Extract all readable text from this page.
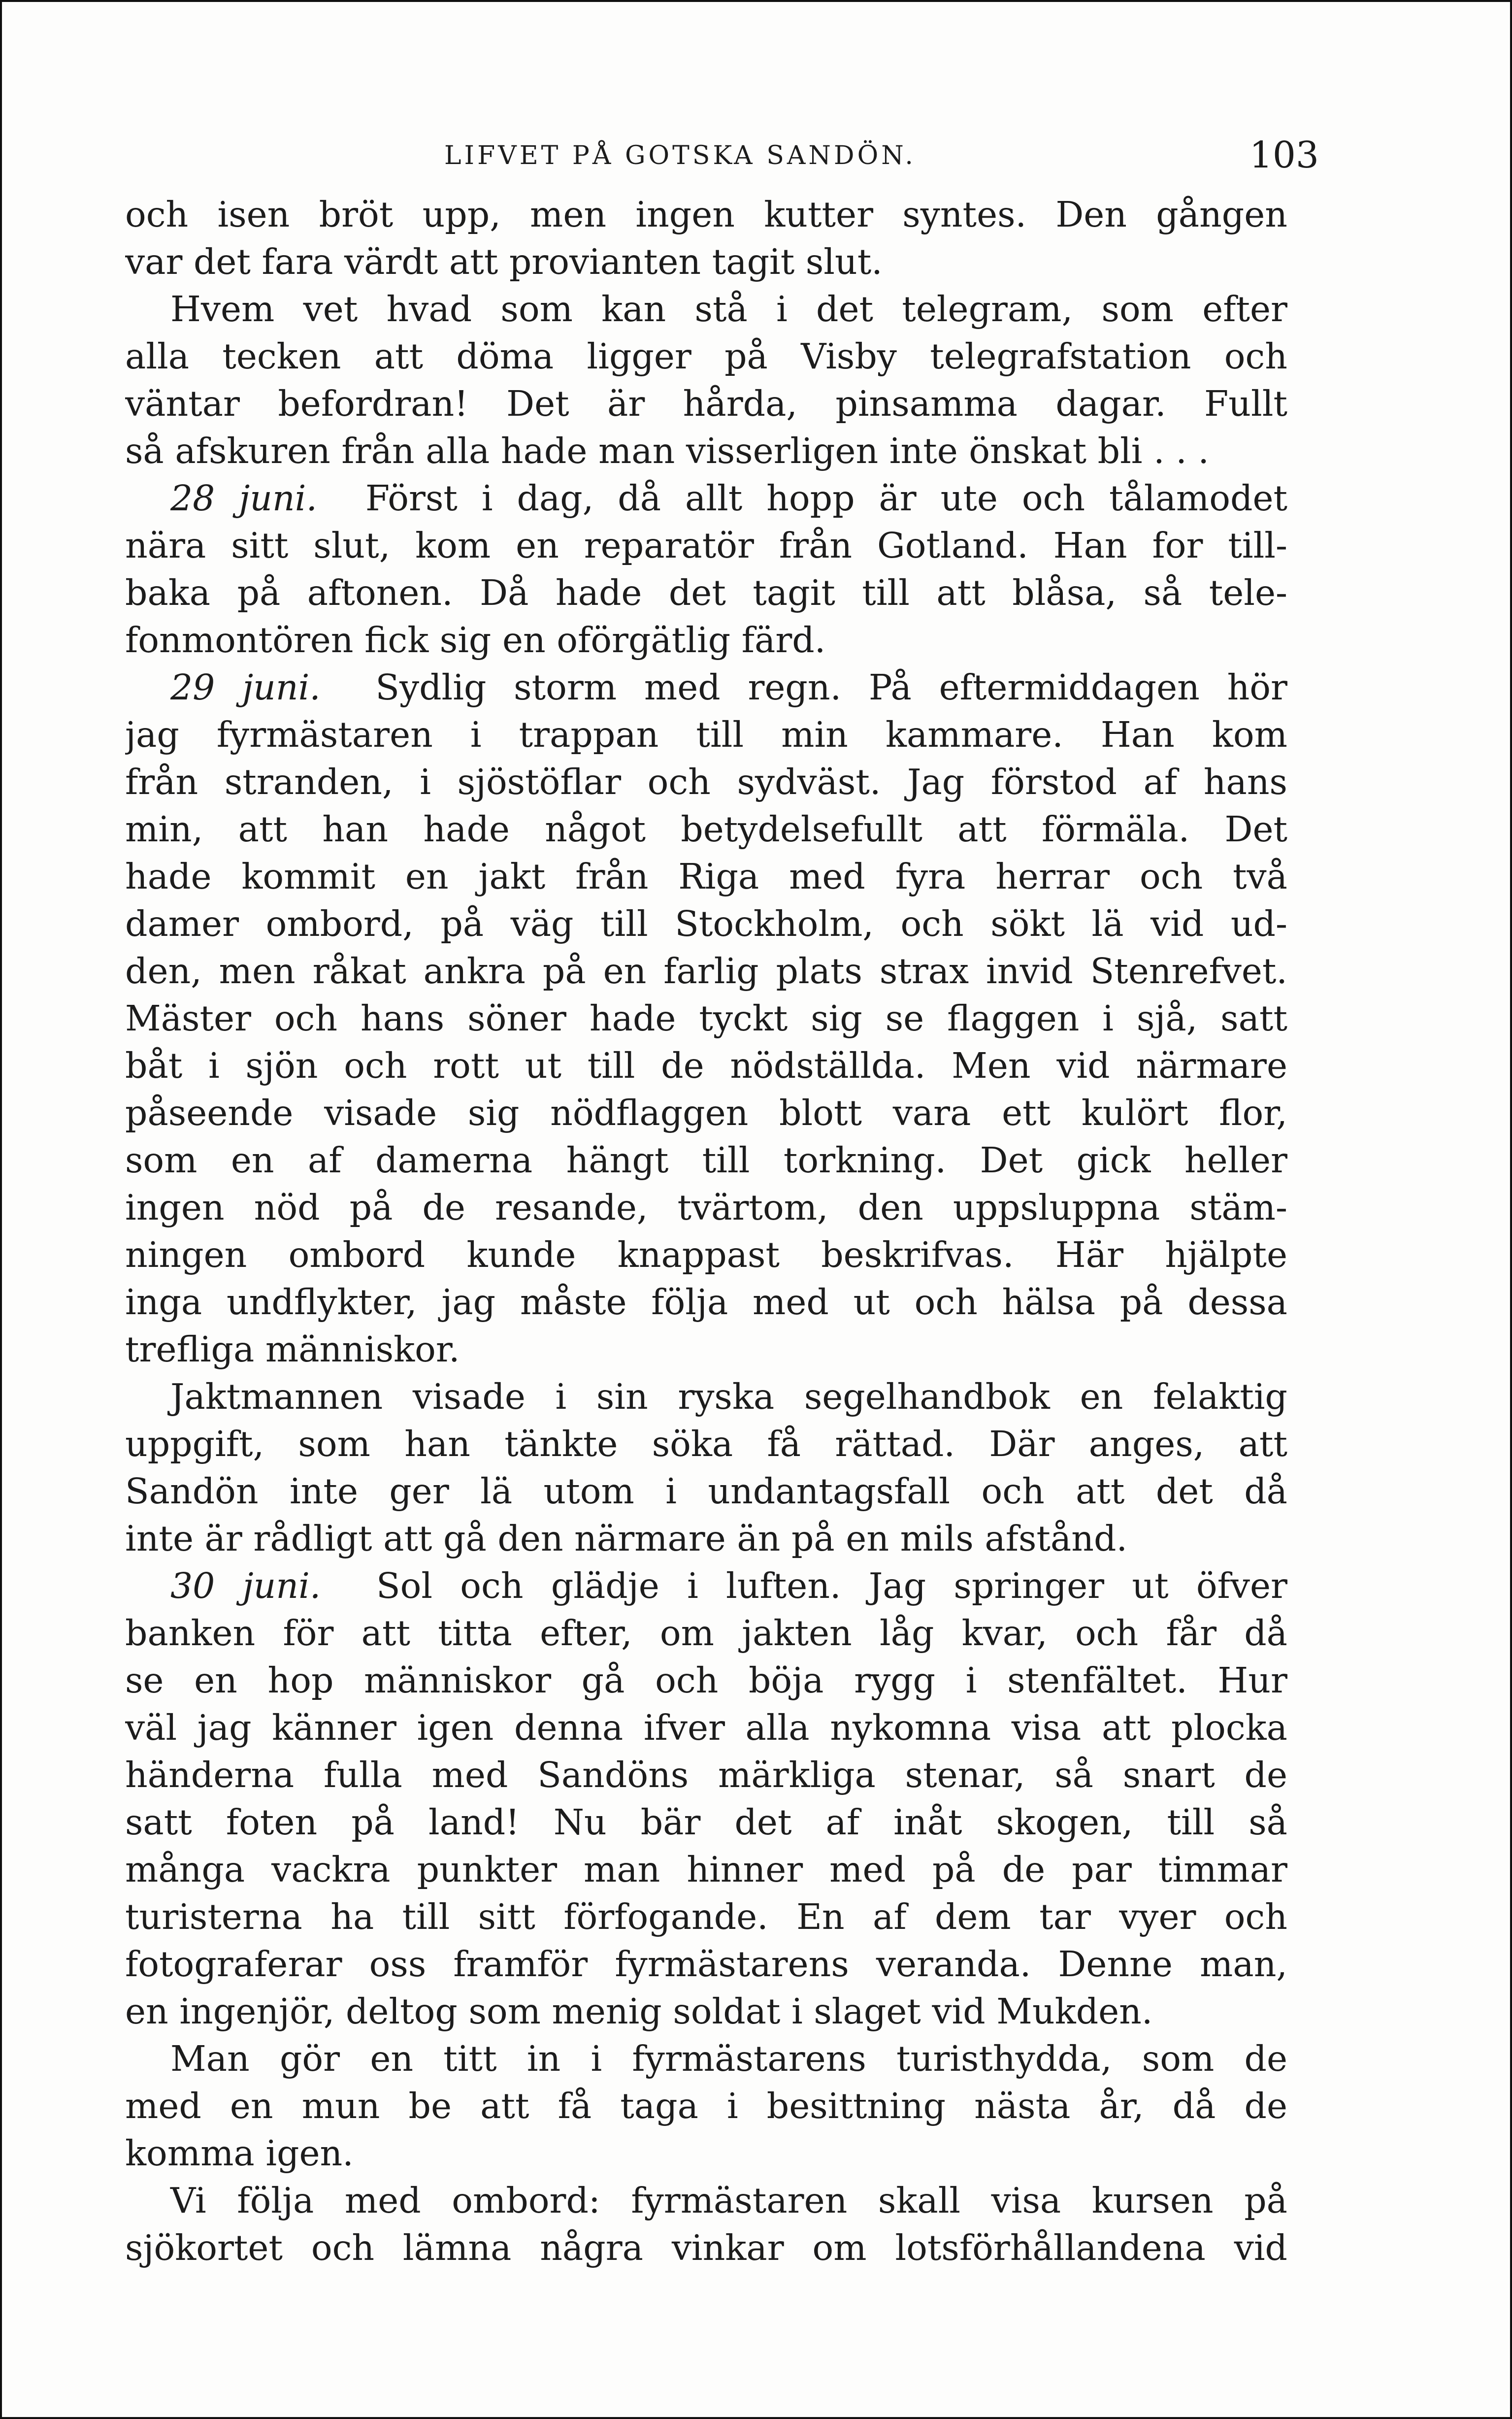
LIFVET PÅ GOTSKA SANDÖN.	103
och isen bröt upp, men ingen kutter syntes. Den gången
var det fara värdt att provianten tagit slut.
Hvem vet hvad som kan stå i det telegram, som efter
alla tecken att döma ligger på Visby telegrafstation och
väntar befordran! Det är hårda, pinsamma dagar. Fullt
så afskuren från alla hade man visserligen inte önskat bli . . .
28 juni. Först i dag, då allt hopp är ute och tålamodet
nära sitt slut, kom en reparatör från Gotland. Han for till-
baka på aftonen. Då hade det tagit till att blåsa, så tele-
fonmontören fick sig en oförgätlig färd.
29 juni. Sydlig storm med regn. På eftermiddagen hör
jag fyrmästaren i trappan till min kammare. Han kom
från stranden, i sjöstöflar och sydväst. Jag förstod af hans
min, att han hade något betydelsefullt att förmäla. Det
hade kommit en jakt från Riga med fyra herrar och två
damer ombord, på väg till Stockholm, och sökt lä vid ud-
den, men råkat ankra på en farlig plats strax invid Stenrefvet.
Mäster och hans söner hade tyckt sig se flaggen i sjå, satt
båt i sjön och rott ut till de nödställda. Men vid närmare
påseende visade sig nödflaggen blott vara ett kulört flor,
som en af damerna hängt till torkning. Det gick heller
ingen nöd på de resande, tvärtom, den uppsluppna stäm-
ningen ombord kunde knappast beskrifvas. Här hjälpte
inga undflykter, jag måste följa med ut och hälsa på dessa
trefliga människor.
Jaktmannen visade i sin ryska segelhandbok en felaktig
uppgift, som han tänkte söka få rättad. Där anges, att
Sandön inte ger lä utom i undantagsfall och att det då
inte är rådligt att gå den närmare än på en mils afstånd.
30 juni. Sol och glädje i luften. Jag springer ut öfver
banken för att titta efter, om jakten låg kvar, och får då
se en hop människor gå och böja rygg i stenfältet. Hur
väl jag känner igen denna ifver alla nykomna visa att plocka
händerna fulla med Sandöns märkliga stenar, så snart de
satt foten på land! Nu bär det af inåt skogen, till så
många vackra punkter man hinner med på de par timmar
turisterna ha till sitt förfogande. En af dem tar vyer och
fotograferar oss framför fyrmästarens veranda. Denne man,
en ingenjör, deltog som menig soldat i slaget vid Mukden.
Man gör en titt in i fyrmästarens turisthydda, som de
med en mun be att få taga i besittning nästa år, då de
komma igen.
Vi följa med ombord: fyrmästaren skall visa kursen på
sjökortet och lämna några vinkar om lotsförhållandena vid
